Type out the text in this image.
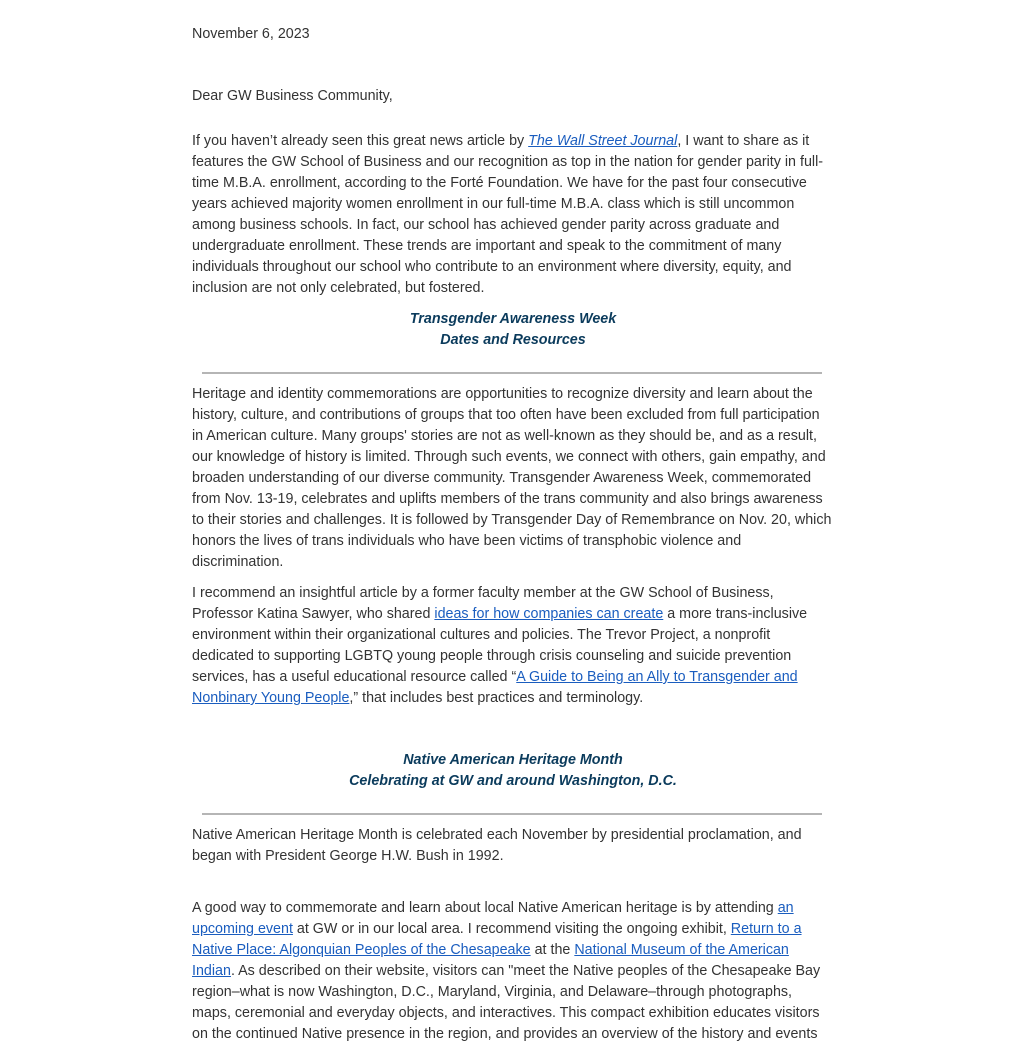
November 6, 2023

Dear GW Business Community,

If you haven’t already seen this great news article by The Wall Street Journal, I want to share as it features the GW School of Business and our recognition as top in the nation for gender parity in full-time M.B.A. enrollment, according to the Forté Foundation. We have for the past four consecutive years achieved majority women enrollment in our full-time M.B.A. class which is still uncommon among business schools. In fact, our school has achieved gender parity across graduate and undergraduate enrollment. These trends are important and speak to the commitment of many individuals throughout our school who contribute to an environment where diversity, equity, and inclusion are not only celebrated, but fostered.

Transgender Awareness Week
Dates and Resources

Heritage and identity commemorations are opportunities to recognize diversity and learn about the history, culture, and contributions of groups that too often have been excluded from full participation in American culture. Many groups' stories are not as well-known as they should be, and as a result, our knowledge of history is limited. Through such events, we connect with others, gain empathy, and broaden understanding of our diverse community. Transgender Awareness Week, commemorated from Nov. 13-19, celebrates and uplifts members of the trans community and also brings awareness to their stories and challenges. It is followed by Transgender Day of Remembrance on Nov. 20, which honors the lives of trans individuals who have been victims of transphobic violence and discrimination.

I recommend an insightful article by a former faculty member at the GW School of Business, Professor Katina Sawyer, who shared ideas for how companies can create a more trans-inclusive environment within their organizational cultures and policies. The Trevor Project, a nonprofit dedicated to supporting LGBTQ young people through crisis counseling and suicide prevention services, has a useful educational resource called “A Guide to Being an Ally to Transgender and Nonbinary Young People,” that includes best practices and terminology.

Native American Heritage Month
Celebrating at GW and around Washington, D.C.

Native American Heritage Month is celebrated each November by presidential proclamation, and began with President George H.W. Bush in 1992.

A good way to commemorate and learn about local Native American heritage is by attending an upcoming event at GW or in our local area. I recommend visiting the ongoing exhibit, Return to a Native Place: Algonquian Peoples of the Chesapeake at the National Museum of the American Indian. As described on their website, visitors can "meet the Native peoples of the Chesapeake Bay region–what is now Washington, D.C., Maryland, Virginia, and Delaware–through photographs, maps, ceremonial and everyday objects, and interactives. This compact exhibition educates visitors on the continued Native presence in the region, and provides an overview of the history and events
